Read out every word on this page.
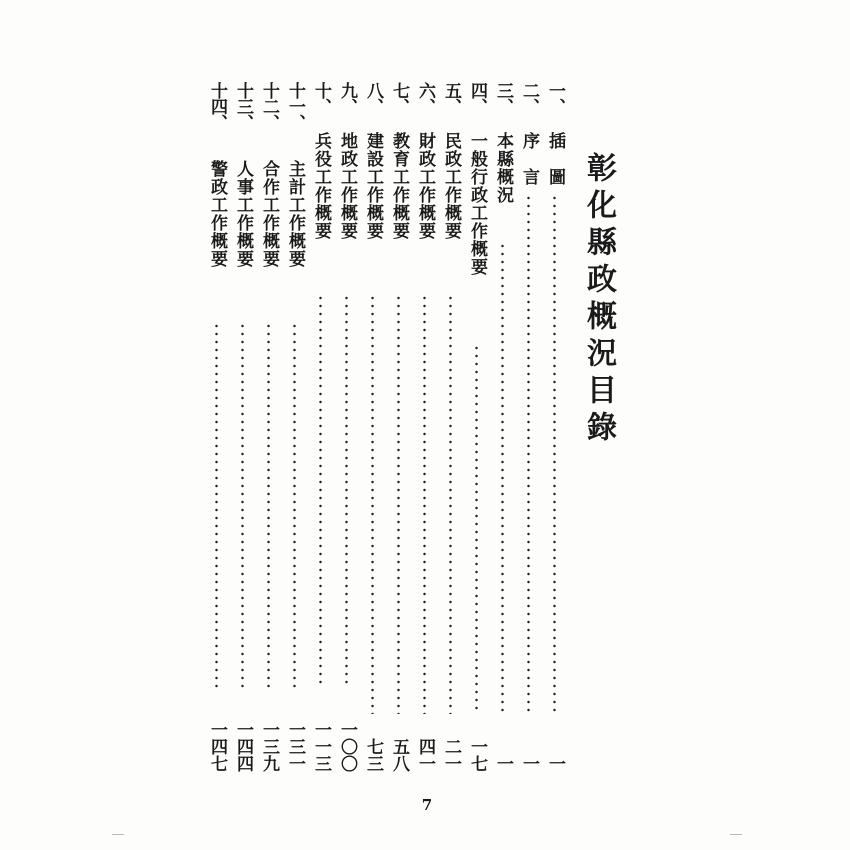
彰化縣政概況目錄
一、
插　圖
一
二、
序　言
一
三、
本縣概況
一
四、
一般行政工作概要
一七
五、
民政工作概要
二一
六、
財政工作概要
四一
七、
教育工作概要
五八
八、
建設工作概要
七三
九、
地政工作概要
一〇〇
十、
兵役工作概要
一一三
十一、
主計工作概要
一三一
十二、
合作工作概要
一三九
十三、
人事工作概要
一四四
十四、
警政工作概要
一四七
7
